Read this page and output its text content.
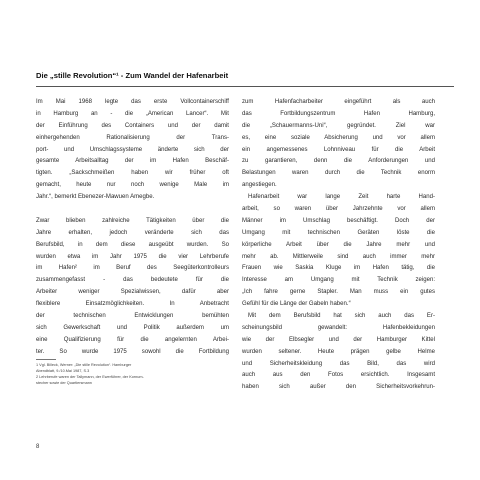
Die „stille Revolution“¹ - Zum Wandel der Hafenarbeit
Im Mai 1968 legte das erste Vollcontainerschiff
in Hamburg an - die „American Lancer“. Mit
der Einführung des Containers und der damit
einhergehenden Rationalisierung der Trans-
port- und Umschlagssysteme änderte sich der
gesamte Arbeitsalltag der im Hafen Beschäf-
tigten. „Sackschmeißen haben wir früher oft
gemacht, heute nur noch wenige Male im
Jahr.“, bemerkt Ebenezer-Mawuen Amegbe.
Zwar blieben zahlreiche Tätigkeiten über die
Jahre erhalten, jedoch veränderte sich das
Berufsbild, in dem diese ausgeübt wurden. So
wurden etwa im Jahr 1975 die vier Lehrberufe
im Hafen² im Beruf des Seegüterkontrolleurs
zusammengefasst - das bedeutete für die
Arbeiter weniger Spezialwissen, dafür aber
flexiblere Einsatzmöglichkeiten. In Anbetracht
der technischen Entwicklungen bemühten
sich Gewerkschaft und Politik außerdem um
eine Qualifizierung für die angelernten Arbei-
ter. So wurde 1975 sowohl die Fortbildung
1 Vgl. Billeck, Werner: „Die stille Revolution“. Hamburger
Abendblatt, 9./10.Mai 1987, S.3
2 Lehrberufe waren der Tallymann, der Ewerführer, der Kornum-
stecher sowie der Quartiersmann
zum Hafenfacharbeiter eingeführt als auch
das Fortbildungszentrum Hafen Hamburg,
die „Schauermanns-Uni“, gegründet. Ziel war
es, eine soziale Absicherung und vor allem
ein angemessenes Lohnniveau für die Arbeit
zu garantieren, denn die Anforderungen und
Belastungen waren durch die Technik enorm
angestiegen.
Hafenarbeit war lange Zeit harte Hand-
arbeit, so waren über Jahrzehnte vor allem
Männer im Umschlag beschäftigt. Doch der
Umgang mit technischen Geräten löste die
körperliche Arbeit über die Jahre mehr und
mehr ab. Mittlerweile sind auch immer mehr
Frauen wie Saskia Kluge im Hafen tätig, die
Interesse am Umgang mit Technik zeigen:
„Ich fahre gerne Stapler. Man muss ein gutes
Gefühl für die Länge der Gabeln haben.“
Mit dem Berufsbild hat sich auch das Er-
scheinungsbild gewandelt: Hafenbekleidungen
wie der Elbsegler und der Hamburger Kittel
wurden seltener. Heute prägen gelbe Helme
und Sicherheitskleidung das Bild, das wird
auch aus den Fotos ersichtlich. Insgesamt
haben sich außer den Sicherheitsvorkehrun-
8
